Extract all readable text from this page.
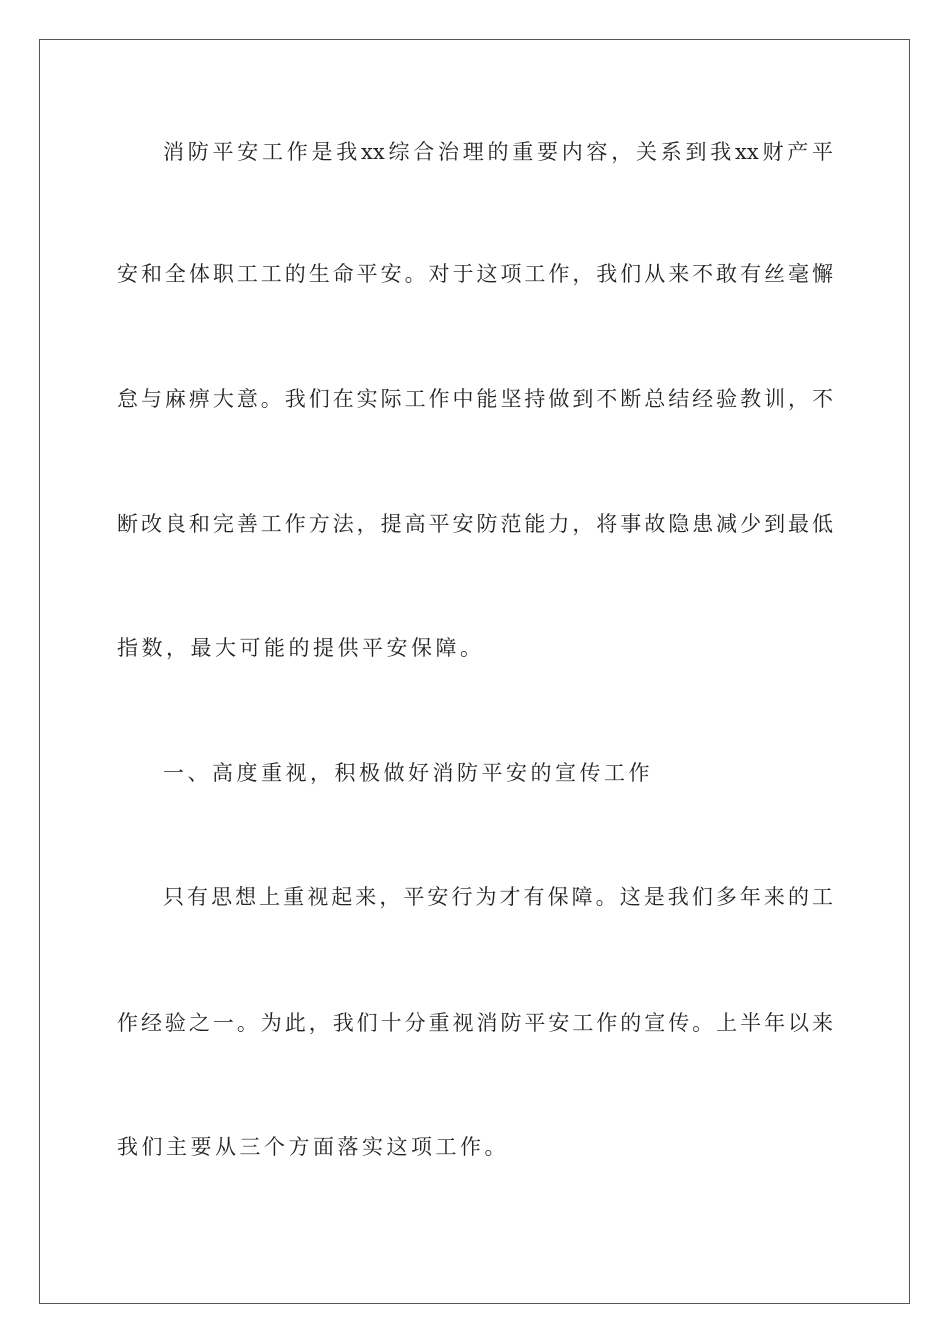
消防平安工作是我xx综合治理的重要内容，关系到我xx财产平
安和全体职工工的生命平安。对于这项工作，我们从来不敢有丝毫懈
怠与麻痹大意。我们在实际工作中能坚持做到不断总结经验教训，不
断改良和完善工作方法，提高平安防范能力，将事故隐患减少到最低
指数，最大可能的提供平安保障。
一、高度重视，积极做好消防平安的宣传工作
只有思想上重视起来，平安行为才有保障。这是我们多年来的工
作经验之一。为此，我们十分重视消防平安工作的宣传。上半年以来
我们主要从三个方面落实这项工作。
